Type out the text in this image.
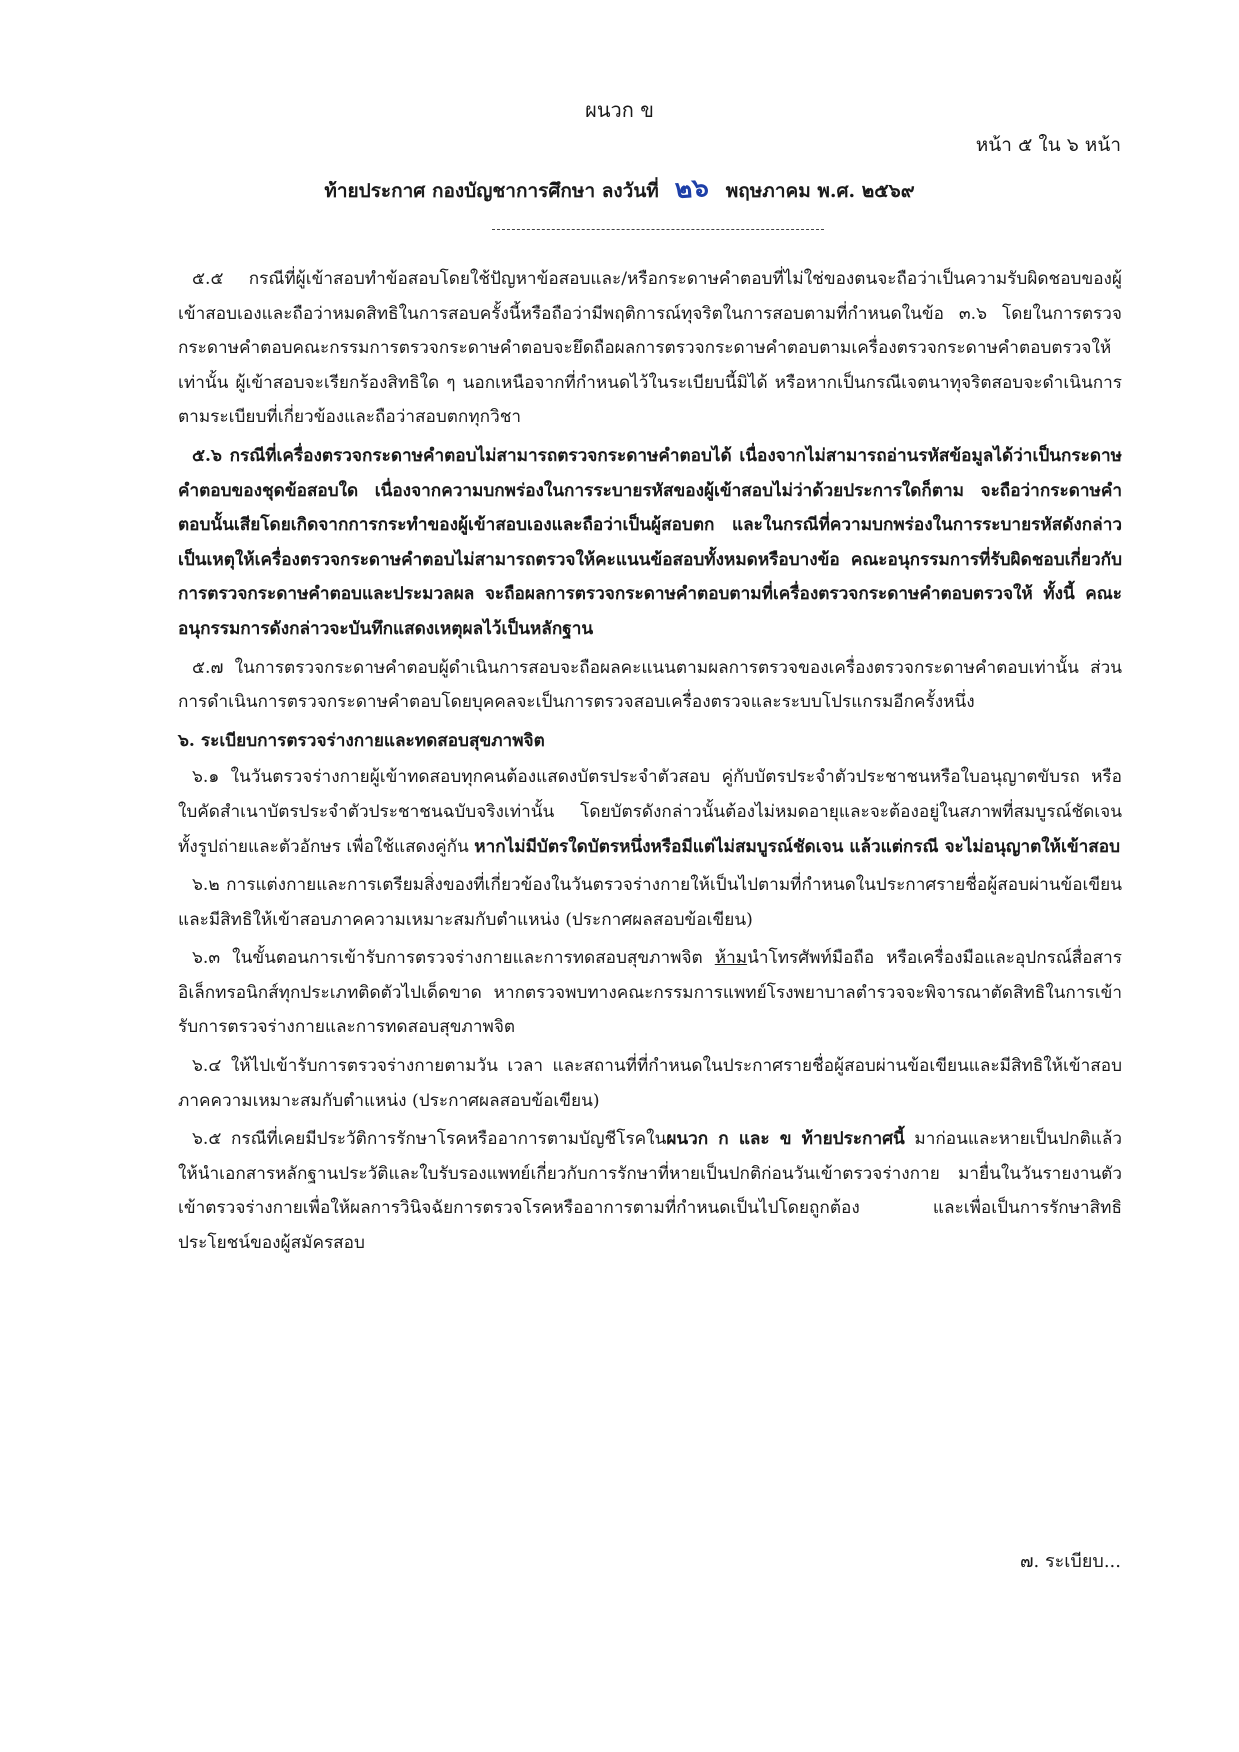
ผนวก ข
หน้า ๕ ใน ๖ หน้า
ท้ายประกาศ กองบัญชาการศึกษา ลงวันที่ ๒๖ พฤษภาคม พ.ศ. ๒๕๖๙

๕.๕ กรณีที่ผู้เข้าสอบทำข้อสอบโดยใช้ปัญหาข้อสอบและ/หรือกระดาษคำตอบที่ไม่ใช่ของตนจะถือว่าเป็นความรับผิดชอบของผู้เข้าสอบเองและถือว่าหมดสิทธิในการสอบครั้งนี้หรือถือว่ามีพฤติการณ์ทุจริตในการสอบตามที่กำหนดในข้อ ๓.๖ โดยในการตรวจกระดาษคำตอบคณะกรรมการตรวจกระดาษคำตอบจะยึดถือผลการตรวจกระดาษคำตอบตามเครื่องตรวจกระดาษคำตอบตรวจให้เท่านั้น ผู้เข้าสอบจะเรียกร้องสิทธิใด ๆ นอกเหนือจากที่กำหนดไว้ในระเบียบนี้มิได้ หรือหากเป็นกรณีเจตนาทุจริตสอบจะดำเนินการตามระเบียบที่เกี่ยวข้องและถือว่าสอบตกทุกวิชา

๕.๖ กรณีที่เครื่องตรวจกระดาษคำตอบไม่สามารถตรวจกระดาษคำตอบได้ เนื่องจากไม่สามารถอ่านรหัสข้อมูลได้ว่าเป็นกระดาษคำตอบของชุดข้อสอบใด เนื่องจากความบกพร่องในการระบายรหัสของผู้เข้าสอบไม่ว่าด้วยประการใดก็ตาม จะถือว่ากระดาษคำตอบนั้นเสียโดยเกิดจากการกระทำของผู้เข้าสอบเองและถือว่าเป็นผู้สอบตก และในกรณีที่ความบกพร่องในการระบายรหัสดังกล่าวเป็นเหตุให้เครื่องตรวจกระดาษคำตอบไม่สามารถตรวจให้คะแนนข้อสอบทั้งหมดหรือบางข้อ คณะอนุกรรมการที่รับผิดชอบเกี่ยวกับการตรวจกระดาษคำตอบและประมวลผล จะถือผลการตรวจกระดาษคำตอบตามที่เครื่องตรวจกระดาษคำตอบตรวจให้ ทั้งนี้ คณะอนุกรรมการดังกล่าวจะบันทึกแสดงเหตุผลไว้เป็นหลักฐาน

๕.๗ ในการตรวจกระดาษคำตอบผู้ดำเนินการสอบจะถือผลคะแนนตามผลการตรวจของเครื่องตรวจกระดาษคำตอบเท่านั้น ส่วนการดำเนินการตรวจกระดาษคำตอบโดยบุคคลจะเป็นการตรวจสอบเครื่องตรวจและระบบโปรแกรมอีกครั้งหนึ่ง

๖. ระเบียบการตรวจร่างกายและทดสอบสุขภาพจิต

๖.๑ ในวันตรวจร่างกายผู้เข้าทดสอบทุกคนต้องแสดงบัตรประจำตัวสอบ คู่กับบัตรประจำตัวประชาชนหรือใบอนุญาตขับรถ หรือใบคัดสำเนาบัตรประจำตัวประชาชนฉบับจริงเท่านั้น โดยบัตรดังกล่าวนั้นต้องไม่หมดอายุและจะต้องอยู่ในสภาพที่สมบูรณ์ชัดเจน ทั้งรูปถ่ายและตัวอักษร เพื่อใช้แสดงคู่กัน หากไม่มีบัตรใดบัตรหนึ่งหรือมีแต่ไม่สมบูรณ์ชัดเจน แล้วแต่กรณี จะไม่อนุญาตให้เข้าสอบ

๖.๒ การแต่งกายและการเตรียมสิ่งของที่เกี่ยวข้องในวันตรวจร่างกายให้เป็นไปตามที่กำหนดในประกาศรายชื่อผู้สอบผ่านข้อเขียนและมีสิทธิให้เข้าสอบภาคความเหมาะสมกับตำแหน่ง (ประกาศผลสอบข้อเขียน)

๖.๓ ในขั้นตอนการเข้ารับการตรวจร่างกายและการทดสอบสุขภาพจิต ห้ามนำโทรศัพท์มือถือ หรือเครื่องมือและอุปกรณ์สื่อสารอิเล็กทรอนิกส์ทุกประเภทติดตัวไปเด็ดขาด หากตรวจพบทางคณะกรรมการแพทย์โรงพยาบาลตำรวจจะพิจารณาตัดสิทธิในการเข้ารับการตรวจร่างกายและการทดสอบสุขภาพจิต

๖.๔ ให้ไปเข้ารับการตรวจร่างกายตามวัน เวลา และสถานที่ที่กำหนดในประกาศรายชื่อผู้สอบผ่านข้อเขียนและมีสิทธิให้เข้าสอบภาคความเหมาะสมกับตำแหน่ง (ประกาศผลสอบข้อเขียน)

๖.๕ กรณีที่เคยมีประวัติการรักษาโรคหรืออาการตามบัญชีโรคในผนวก ก และ ข ท้ายประกาศนี้ มาก่อนและหายเป็นปกติแล้ว ให้นำเอกสารหลักฐานประวัติและใบรับรองแพทย์เกี่ยวกับการรักษาที่หายเป็นปกติก่อนวันเข้าตรวจร่างกาย มายื่นในวันรายงานตัวเข้าตรวจร่างกายเพื่อให้ผลการวินิจฉัยการตรวจโรคหรืออาการตามที่กำหนดเป็นไปโดยถูกต้อง และเพื่อเป็นการรักษาสิทธิประโยชน์ของผู้สมัครสอบ

๗. ระเบียบ...
